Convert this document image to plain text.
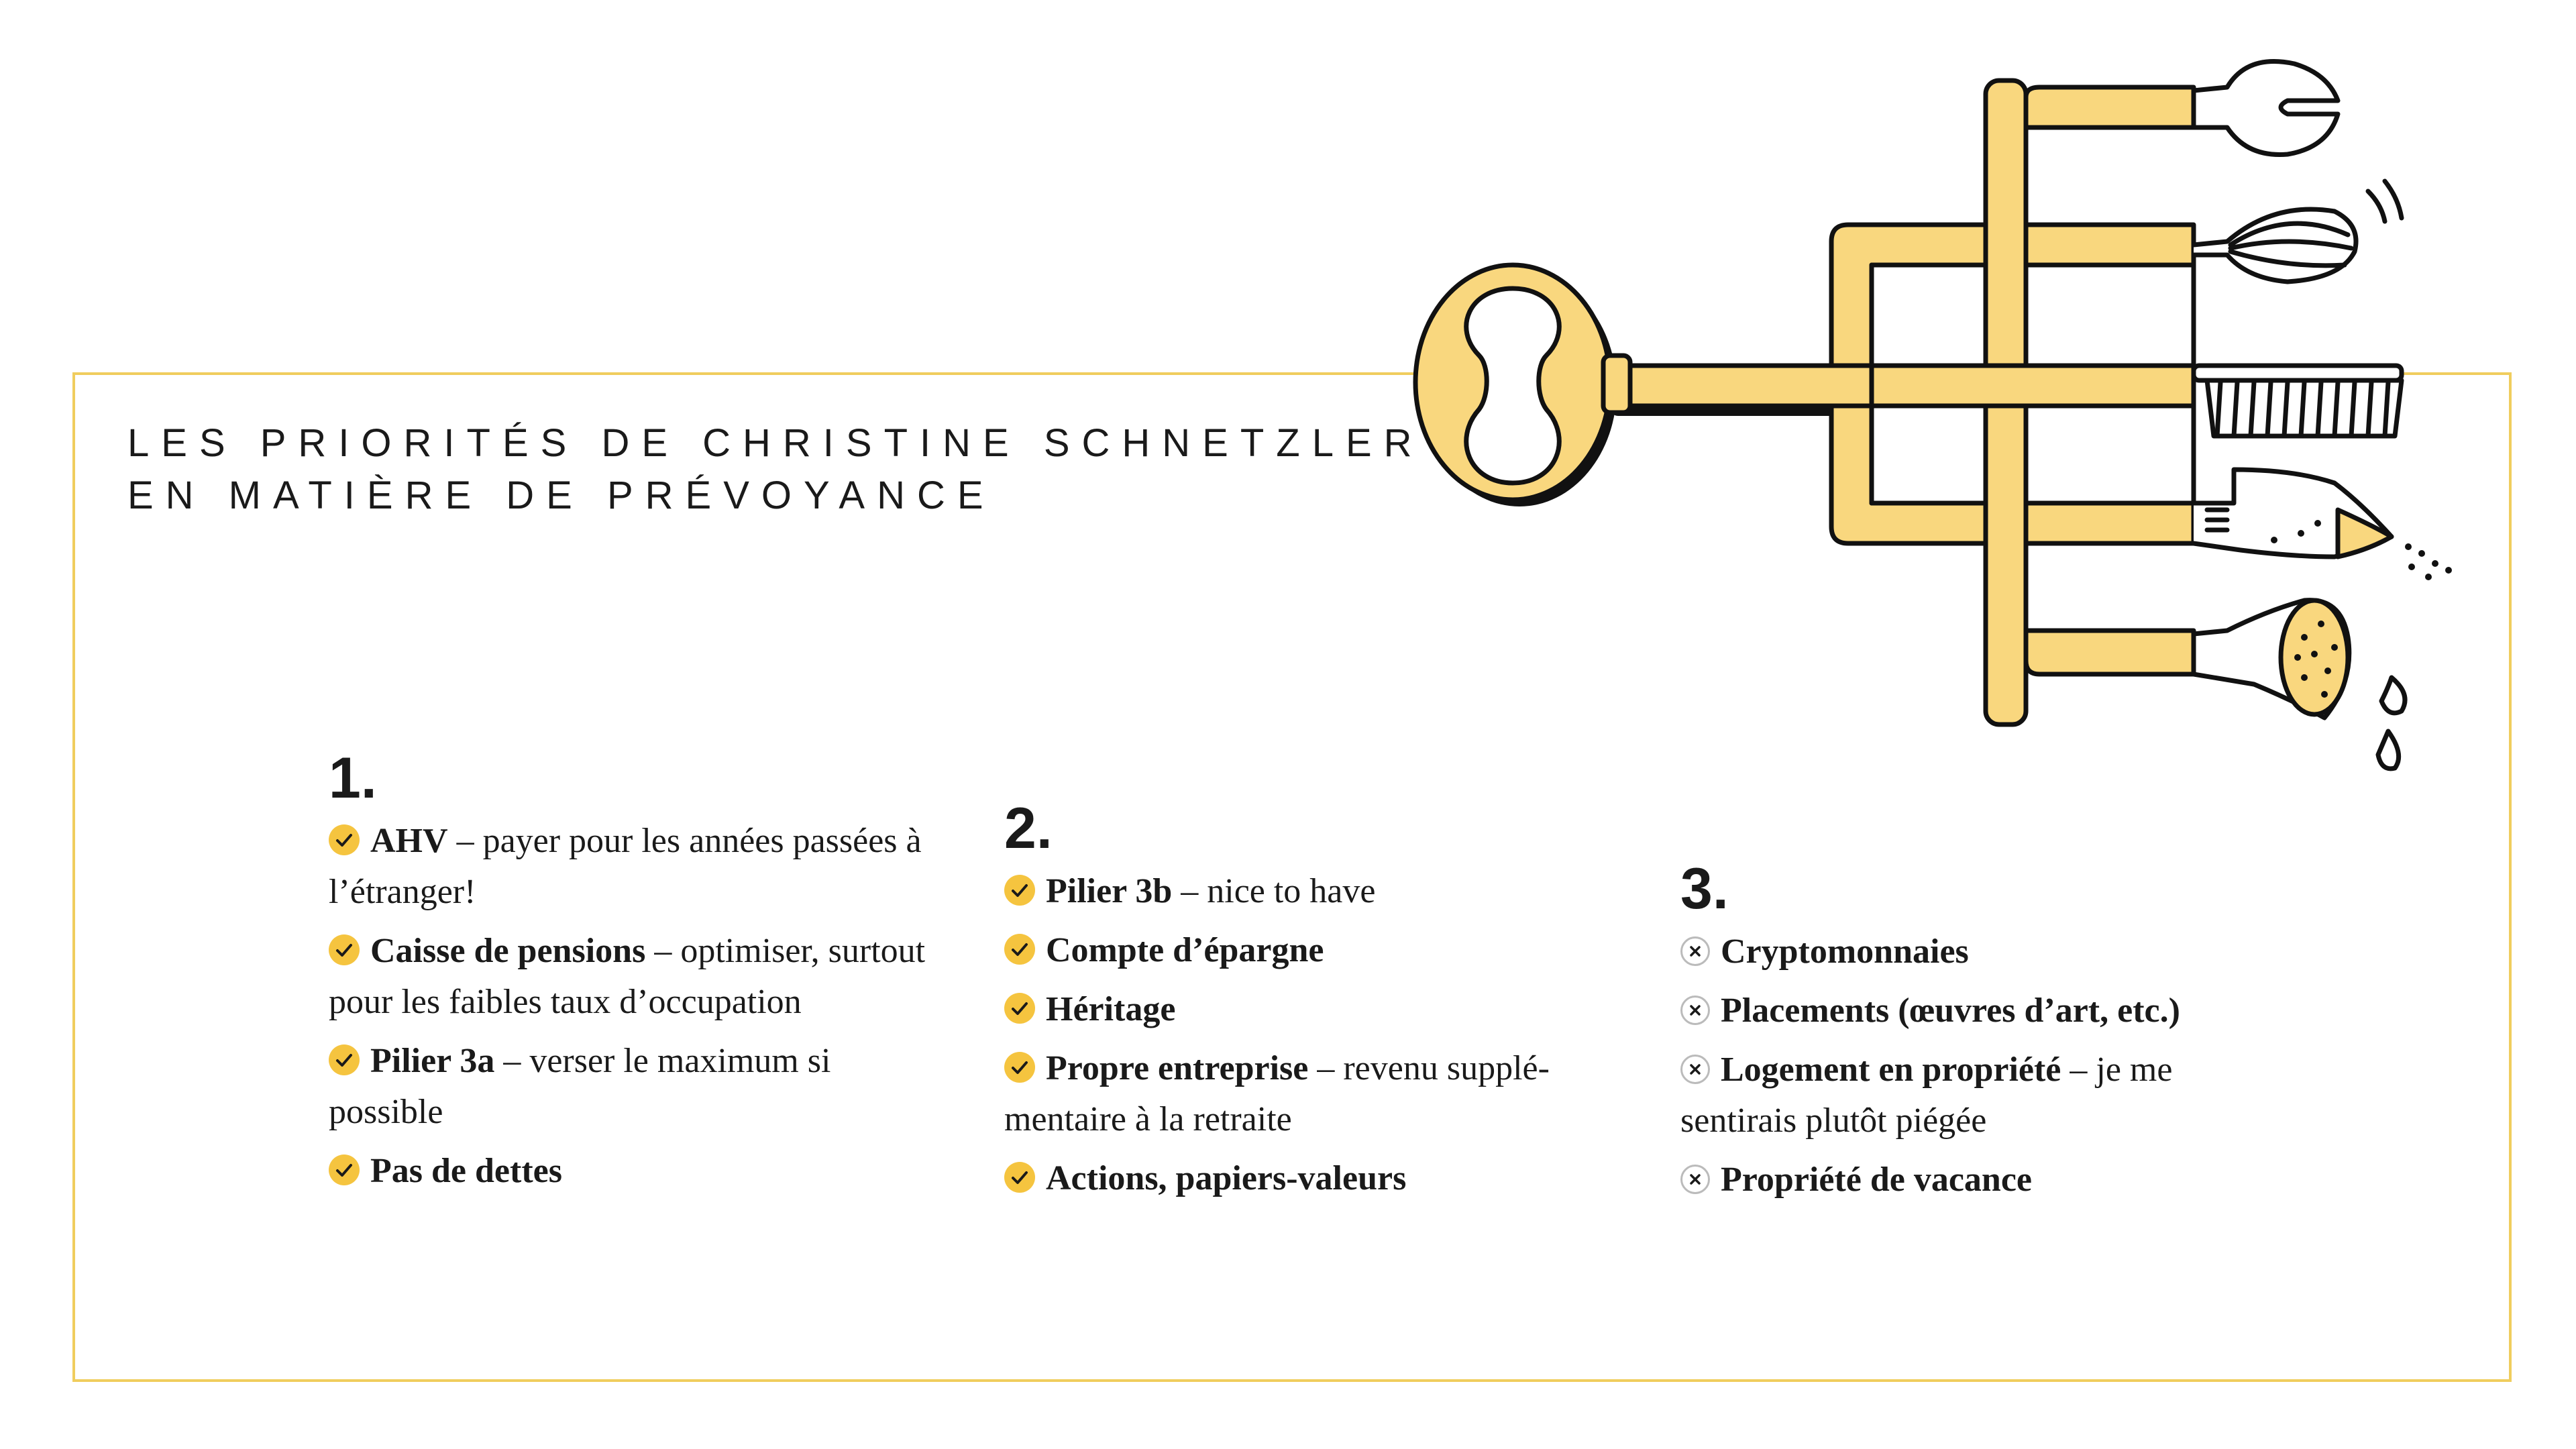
LES PRIORITÉS DE CHRISTINE SCHNETZLER
EN MATIÈRE DE PRÉVOYANCE
1.
AHV – payer pour les années passées à l’étranger!
Caisse de pensions – optimiser, surtout pour les faibles taux d’occupation
Pilier 3a – verser le maximum si possible
Pas de dettes
2.
Pilier 3b – nice to have
Compte d’épargne
Héritage
Propre entreprise – revenu supplémentaire à la retraite
Actions, papiers-valeurs
3.
Cryptomonnaies
Placements (œuvres d’art, etc.)
Logement en propriété – je me sentirais plutôt piégée
Propriété de vacance
